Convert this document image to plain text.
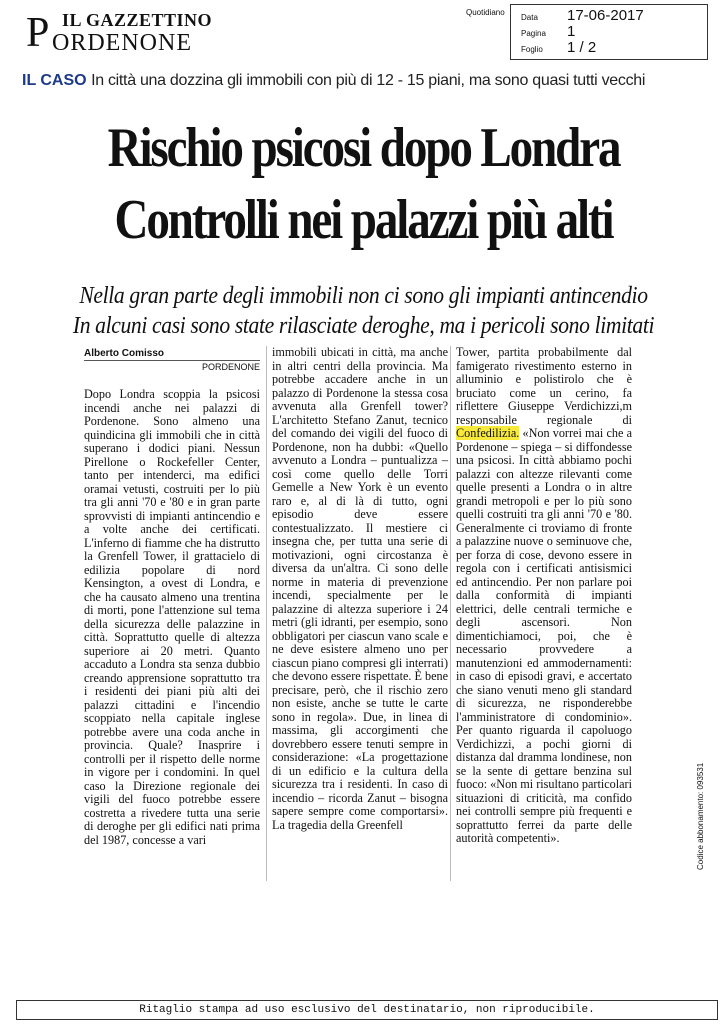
IL GAZZETTINO
P ORDENONE
Quotidiano
Data 17-06-2017
Pagina 1
Foglio 1 / 2
IL CASO In città una dozzina gli immobili con più di 12 - 15 piani, ma sono quasi tutti vecchi
Rischio psicosi dopo Londra
Controlli nei palazzi più alti
Nella gran parte degli immobili non ci sono gli impianti antincendio
In alcuni casi sono state rilasciate deroghe, ma i pericoli sono limitati
Alberto Comisso
PORDENONE
Dopo Londra scoppia la psicosi incendi anche nei palazzi di Pordenone. Sono almeno una quindicina gli immobili che in città superano i dodici piani. Nessun Pirellone o Rockefeller Center, tanto per intenderci, ma edifici oramai vetusti, costruiti per lo più tra gli anni '70 e '80 e in gran parte sprovvisti di impianti antincendio e a volte anche dei certificati. L'inferno di fiamme che ha distrutto la Grenfell Tower, il grattacielo di edilizia popolare di nord Kensington, a ovest di Londra, e che ha causato almeno una trentina di morti, pone l'attenzione sul tema della sicurezza delle palazzine in città. Soprattutto quelle di altezza superiore ai 20 metri. Quanto accaduto a Londra sta senza dubbio creando apprensione soprattutto tra i residenti dei piani più alti dei palazzi cittadini e l'incendio scoppiato nella capitale inglese potrebbe avere una coda anche in provincia. Quale? Inasprire i controlli per il rispetto delle norme in vigore per i condomini. In quel caso la Direzione regionale dei vigili del fuoco potrebbe essere costretta a rivedere tutta una serie di deroghe per gli edifici nati prima del 1987, concesse a vari
immobili ubicati in città, ma anche in altri centri della provincia. Ma potrebbe accadere anche in un palazzo di Pordenone la stessa cosa avvenuta alla Grenfell tower? L'architetto Stefano Zanut, tecnico del comando dei vigili del fuoco di Pordenone, non ha dubbi: «Quello avvenuto a Londra – puntualizza – così come quello delle Torri Gemelle a New York è un evento raro e, al di là di tutto, ogni episodio deve essere contestualizzato. Il mestiere ci insegna che, per tutta una serie di motivazioni, ogni circostanza è diversa da un'altra. Ci sono delle norme in materia di prevenzione incendi, specialmente per le palazzine di altezza superiore i 24 metri (gli idranti, per esempio, sono obbligatori per ciascun vano scale e ne deve esistere almeno uno per ciascun piano compresi gli interrati) che devono essere rispettate. È bene precisare, però, che il rischio zero non esiste, anche se tutte le carte sono in regola». Due, in linea di massima, gli accorgimenti che dovrebbero essere tenuti sempre in considerazione: «La progettazione di un edificio e la cultura della sicurezza tra i residenti. In caso di incendio – ricorda Zanut – bisogna sapere sempre come comportarsi». La tragedia della Greenfell
Tower, partita probabilmente dal famigerato rivestimento esterno in alluminio e polistirolo che è bruciato come un cerino, fa riflettere Giuseppe Verdichizzi,m responsabile regionale di Confedilizia. «Non vorrei mai che a Pordenone – spiega – si diffondesse una psicosi. In città abbiamo pochi palazzi con altezze rilevanti come quelle presenti a Londra o in altre grandi metropoli e per lo più sono quelli costruiti tra gli anni '70 e '80. Generalmente ci troviamo di fronte a palazzine nuove o seminuove che, per forza di cose, devono essere in regola con i certificati antisismici ed antincendio. Per non parlare poi dalla conformità di impianti elettrici, delle centrali termiche e degli ascensori. Non dimentichiamoci, poi, che è necessario provvedere a manutenzioni ed ammodernamenti: in caso di episodi gravi, e accertato che siano venuti meno gli standard di sicurezza, ne risponderebbe l'amministratore di condominio». Per quanto riguarda il capoluogo Verdichizzi, a pochi giorni di distanza dal dramma londinese, non se la sente di gettare benzina sul fuoco: «Non mi risultano particolari situazioni di criticità, ma confido nei controlli sempre più frequenti e soprattutto ferrei da parte delle autorità competenti».	Codice abbonamento: 093531
Ritaglio stampa ad uso esclusivo del destinatario, non riproducibile.
